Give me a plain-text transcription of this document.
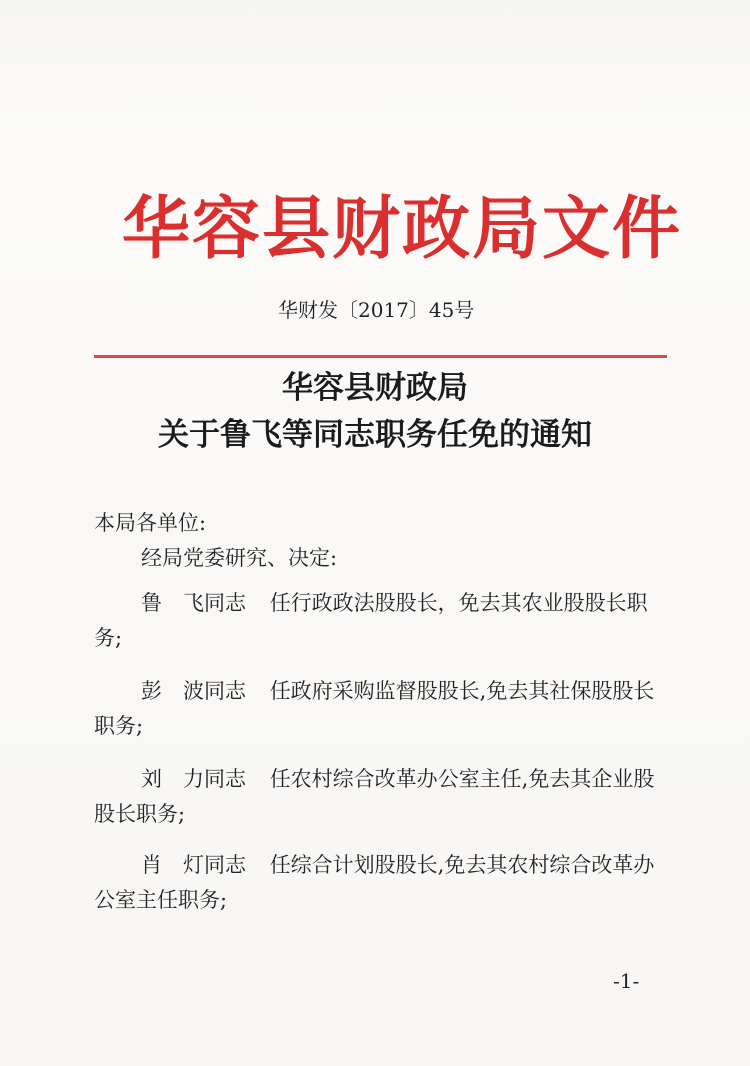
华容县财政局文件
华财发〔2017〕45号
华容县财政局
关于鲁飞等同志职务任免的通知
本局各单位:
经局党委研究、决定:
鲁　飞同志 任行政政法股股长，免去其农业股股长职
务;
彭　波同志 任政府采购监督股股长,免去其社保股股长
职务;
刘　力同志 任农村综合改革办公室主任,免去其企业股
股长职务;
肖　灯同志 任综合计划股股长,免去其农村综合改革办
公室主任职务;
-1-
